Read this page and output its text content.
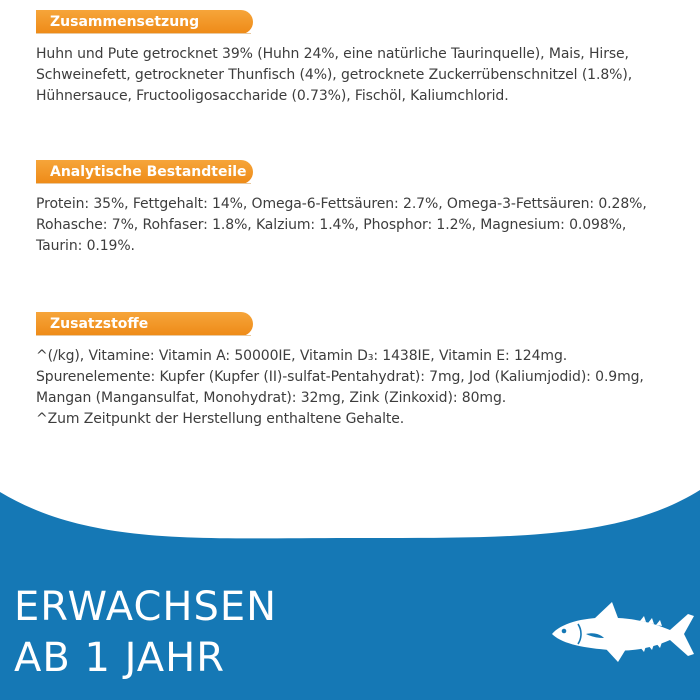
Zusammensetzung

Huhn und Pute getrocknet 39% (Huhn 24%, eine natürliche Taurinquelle), Mais, Hirse,

Schweinefett, getrockneter Thunfisch (4%), getrocknete Zuckerrübenschnitzel (1.8%),

Hühnersauce, Fructooligosaccharide (0.73%), Fischöl, Kaliumchlorid.

Analytische Bestandteile

Protein: 35%, Fettgehalt: 14%, Omega-6-Fettsäuren: 2.7%, Omega-3-Fettsäuren: 0.28%,

Rohasche: 7%, Rohfaser: 1.8%, Kalzium: 1.4%, Phosphor: 1.2%, Magnesium: 0.098%,

Taurin: 0.19%.

Zusatzstoffe

^(/kg), Vitamine: Vitamin A: 50000IE, Vitamin D₃: 1438IE, Vitamin E: 124mg.

Spurenelemente: Kupfer (Kupfer (II)-sulfat-Pentahydrat): 7mg, Jod (Kaliumjodid): 0.9mg,

Mangan (Mangansulfat, Monohydrat): 32mg, Zink (Zinkoxid): 80mg.

^Zum Zeitpunkt der Herstellung enthaltene Gehalte.

ERWACHSEN
AB 1 JAHR
